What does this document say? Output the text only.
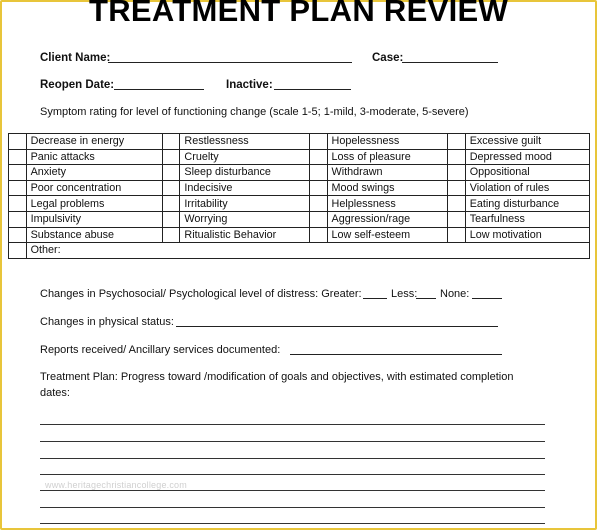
TREATMENT PLAN REVIEW
Client Name:	Case:
Reopen Date:	Inactive:
Symptom rating for level of functioning change (scale 1-5; 1-mild, 3-moderate, 5-severe)
	Decrease in energy		Restlessness		Hopelessness		Excessive guilt
	Panic attacks		Cruelty		Loss of pleasure		Depressed mood
	Anxiety		Sleep disturbance		Withdrawn		Oppositional
	Poor concentration		Indecisive		Mood swings		Violation of rules
	Legal problems		Irritability		Helplessness		Eating disturbance
	Impulsivity		Worrying		Aggression/rage		Tearfulness
	Substance abuse		Ritualistic Behavior		Low self-esteem		Low motivation
	Other:						
Changes in Psychosocial/ Psychological level of distress: Greater:	Less: None:
Changes in physical status:
Reports received/ Ancillary services documented:
Treatment Plan: Progress toward /modification of goals and objectives, with estimated completion
dates:
www.heritagechristiancollege.com
